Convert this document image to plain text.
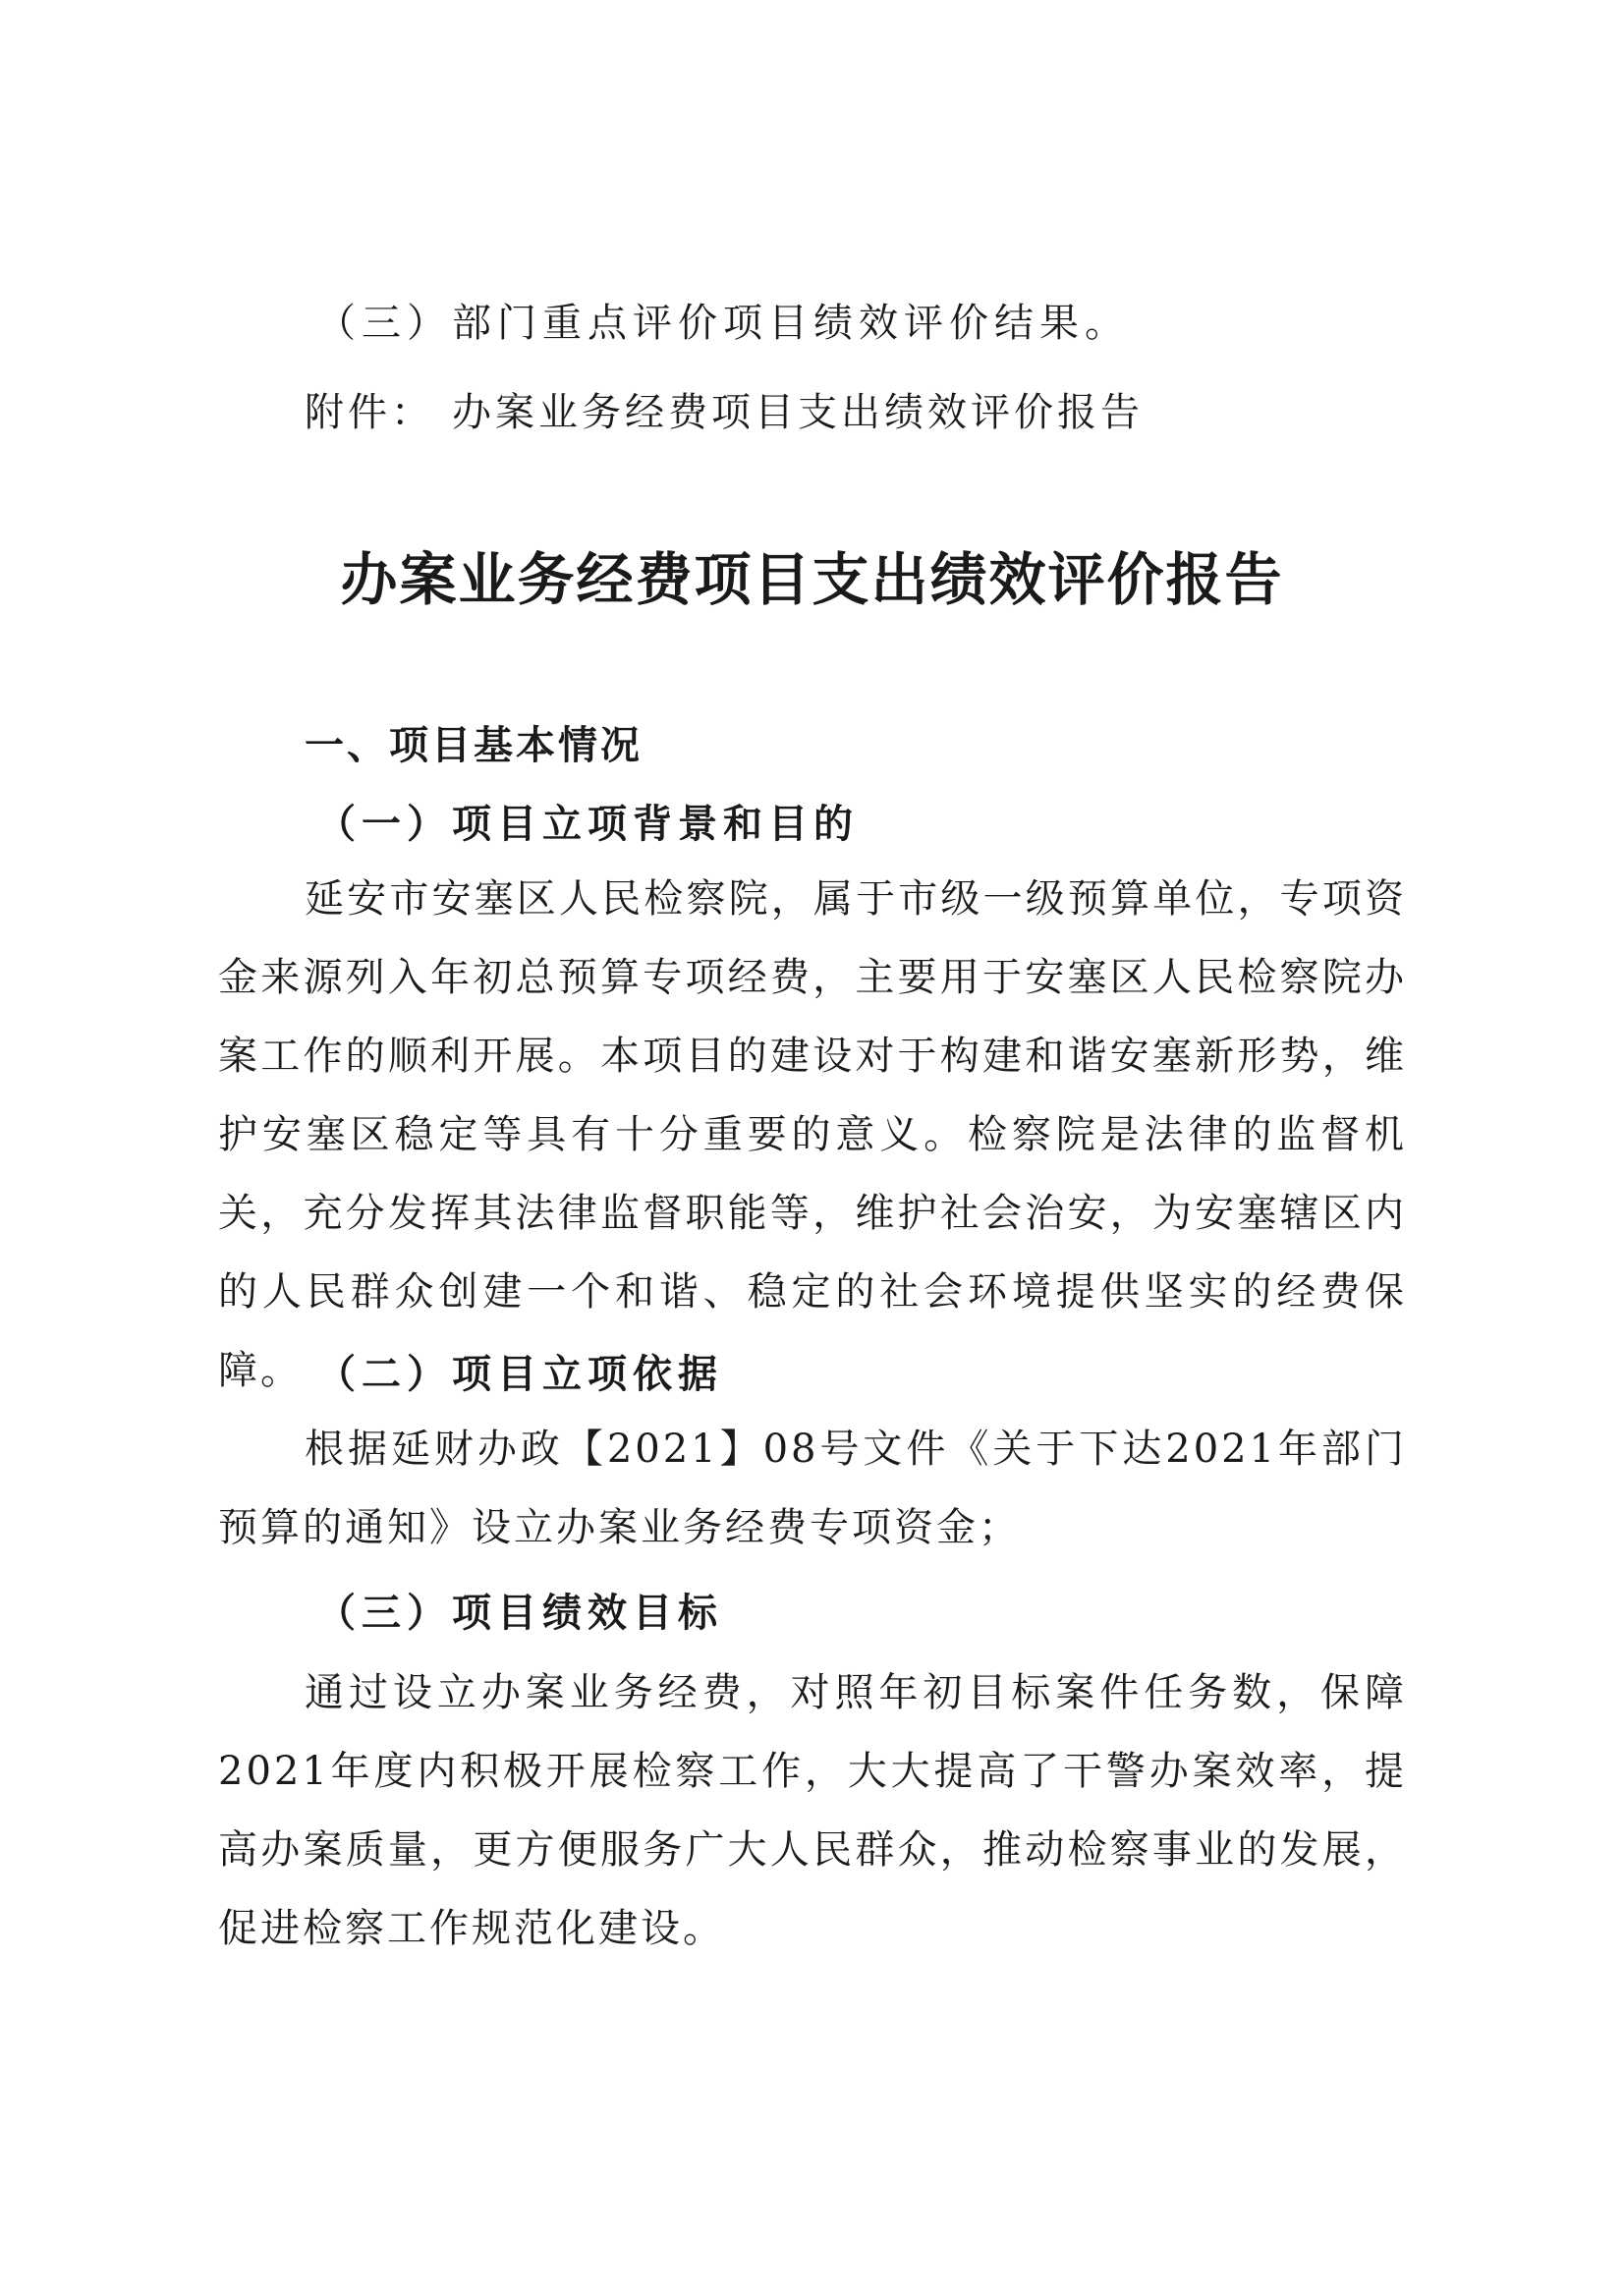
（三）部门重点评价项目绩效评价结果。
附件： 办案业务经费项目支出绩效评价报告
办案业务经费项目支出绩效评价报告
一、项目基本情况
（一）项目立项背景和目的

延安市安塞区人民检察院，属于市级一级预算单位，专项资金来源列入年初总预算专项经费，主要用于安塞区人民检察院办案工作的顺利开展。本项目的建设对于构建和谐安塞新形势，维护安塞区稳定等具有十分重要的意义。检察院是法律的监督机关，充分发挥其法律监督职能等，维护社会治安，为安塞辖区内的人民群众创建一个和谐、稳定的社会环境提供坚实的经费保障。 （二）项目立项依据

根据延财办政【2021】08号文件《关于下达2021年部门预算的通知》设立办案业务经费专项资金；

（三）项目绩效目标

通过设立办案业务经费，对照年初目标案件任务数，保障2021年度内积极开展检察工作，大大提高了干警办案效率，提高办案质量，更方便服务广大人民群众，推动检察事业的发展，促进检察工作规范化建设。
